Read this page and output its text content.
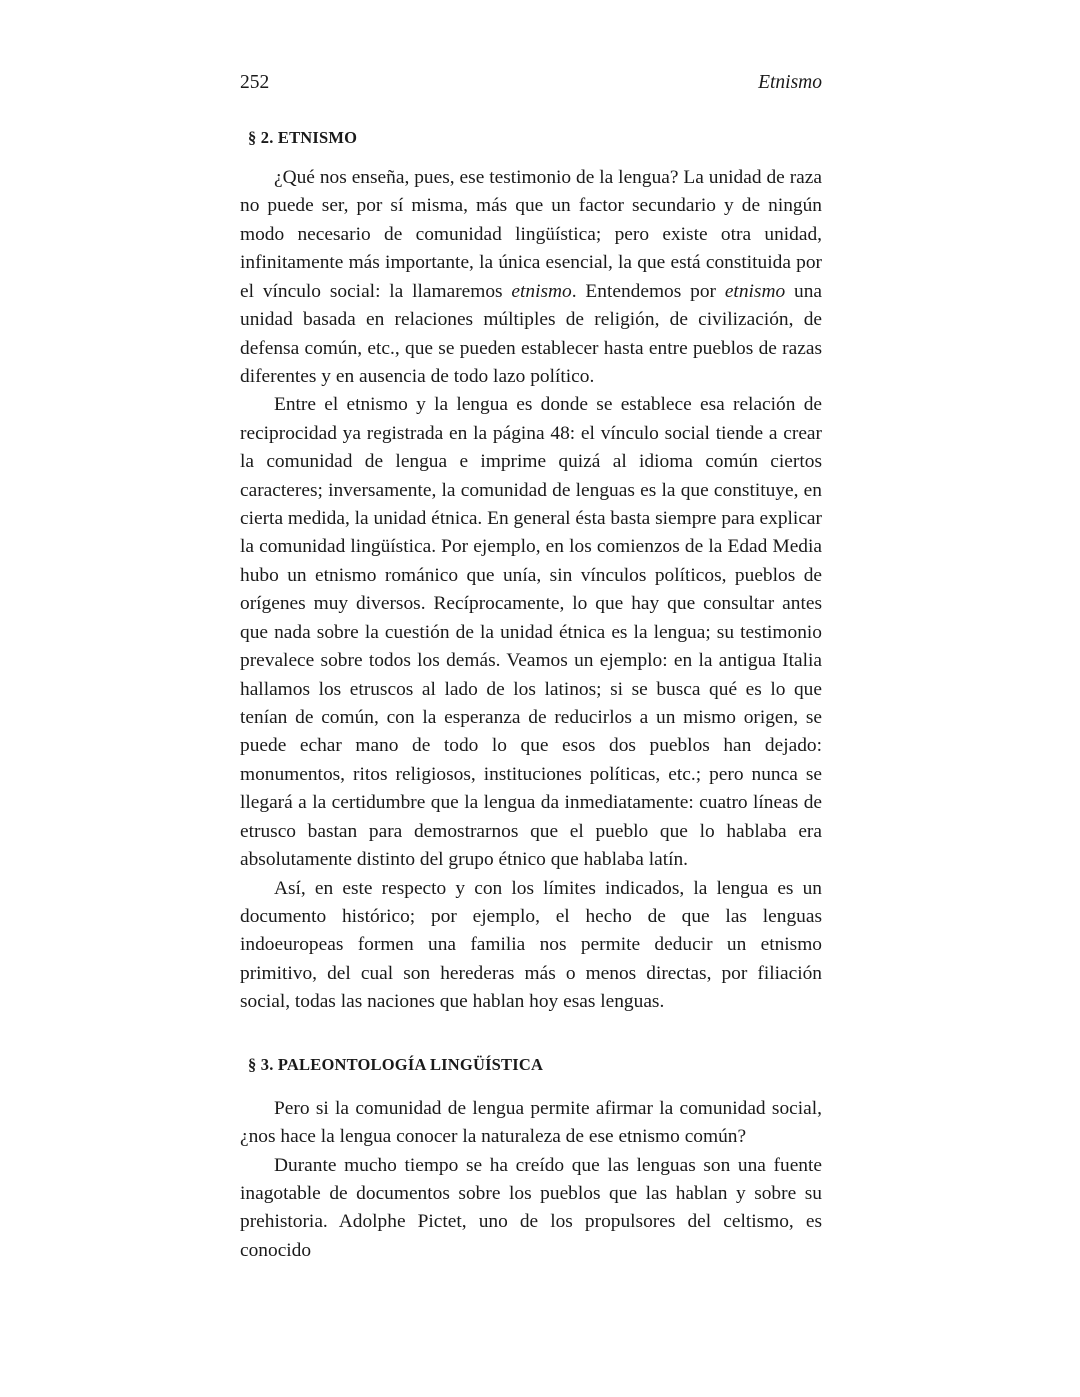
252	Etnismo
§ 2. ETNISMO

¿Qué nos enseña, pues, ese testimonio de la lengua? La unidad de raza no puede ser, por sí misma, más que un factor secundario y de ningún modo necesario de comunidad lingüística; pero existe otra unidad, infinitamente más importante, la única esencial, la que está constituida por el vínculo social: la llamaremos etnismo. Entendemos por etnismo una unidad basada en relaciones múltiples de religión, de civilización, de defensa común, etc., que se pueden establecer hasta entre pueblos de razas diferentes y en ausencia de todo lazo político.

Entre el etnismo y la lengua es donde se establece esa relación de reciprocidad ya registrada en la página 48: el vínculo social tiende a crear la comunidad de lengua e imprime quizá al idioma común ciertos caracteres; inversamente, la comunidad de lenguas es la que constituye, en cierta medida, la unidad étnica. En general ésta basta siempre para explicar la comunidad lingüística. Por ejemplo, en los comienzos de la Edad Media hubo un etnismo románico que unía, sin vínculos políticos, pueblos de orígenes muy diversos. Recíprocamente, lo que hay que consultar antes que nada sobre la cuestión de la unidad étnica es la lengua; su testimonio prevalece sobre todos los demás. Veamos un ejemplo: en la antigua Italia hallamos los etruscos al lado de los latinos; si se busca qué es lo que tenían de común, con la esperanza de reducirlos a un mismo origen, se puede echar mano de todo lo que esos dos pueblos han dejado: monumentos, ritos religiosos, instituciones políticas, etc.; pero nunca se llegará a la certidumbre que la lengua da inmediatamente: cuatro líneas de etrusco bastan para demostrarnos que el pueblo que lo hablaba era absolutamente distinto del grupo étnico que hablaba latín.

Así, en este respecto y con los límites indicados, la lengua es un documento histórico; por ejemplo, el hecho de que las lenguas indoeuropeas formen una familia nos permite deducir un etnismo primitivo, del cual son herederas más o menos directas, por filiación social, todas las naciones que hablan hoy esas lenguas.

§ 3. PALEONTOLOGÍA LINGÜÍSTICA

Pero si la comunidad de lengua permite afirmar la comunidad social, ¿nos hace la lengua conocer la naturaleza de ese etnismo común?

Durante mucho tiempo se ha creído que las lenguas son una fuente inagotable de documentos sobre los pueblos que las hablan y sobre su prehistoria. Adolphe Pictet, uno de los propulsores del celtismo, es conocido
